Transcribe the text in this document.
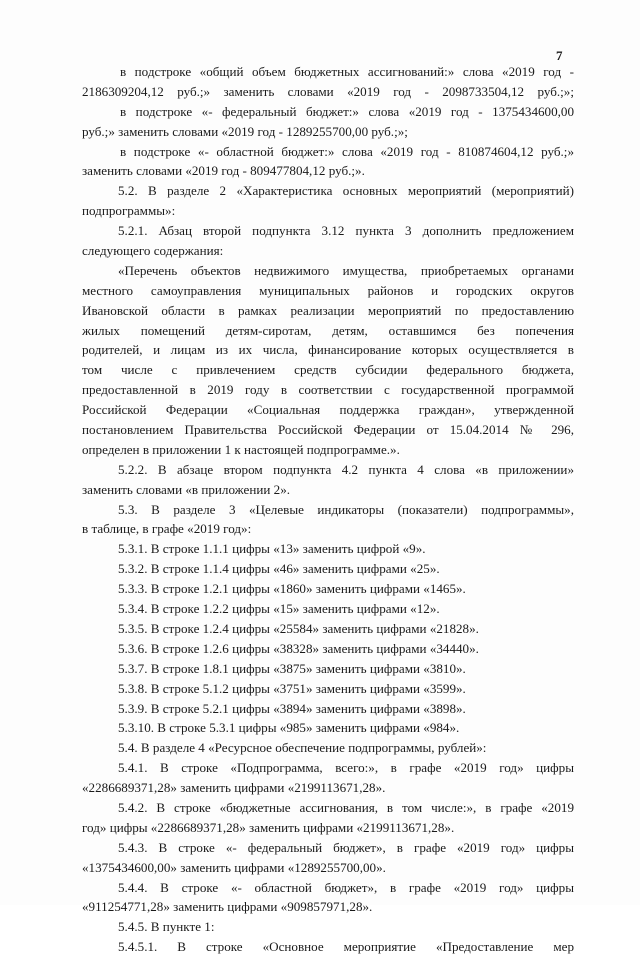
7
в подстроке «общий объем бюджетных ассигнований:» слова «2019 год -
2186309204,12 руб.;» заменить словами «2019 год - 2098733504,12 руб.;»;
в подстроке «- федеральный бюджет:» слова «2019 год - 1375434600,00
руб.;» заменить словами «2019 год - 1289255700,00 руб.;»;
в подстроке «- областной бюджет:» слова «2019 год - 810874604,12 руб.;»
заменить словами «2019 год - 809477804,12 руб.;».
5.2. В разделе 2 «Характеристика основных мероприятий (мероприятий)
подпрограммы»:
5.2.1. Абзац второй подпункта 3.12 пункта 3 дополнить предложением
следующего содержания:
«Перечень объектов недвижимого имущества, приобретаемых органами
местного самоуправления муниципальных районов и городских округов
Ивановской области в рамках реализации мероприятий по предоставлению
жилых помещений детям-сиротам, детям, оставшимся без попечения
родителей, и лицам из их числа, финансирование которых осуществляется в
том числе с привлечением средств субсидии федерального бюджета,
предоставленной в 2019 году в соответствии с государственной программой
Российской Федерации «Социальная поддержка граждан», утвержденной
постановлением Правительства Российской Федерации от 15.04.2014 № 296,
определен в приложении 1 к настоящей подпрограмме.».
5.2.2. В абзаце втором подпункта 4.2 пункта 4 слова «в приложении»
заменить словами «в приложении 2».
5.3. В разделе 3 «Целевые индикаторы (показатели) подпрограммы»,
в таблице, в графе «2019 год»:
5.3.1. В строке 1.1.1 цифры «13» заменить цифрой «9».
5.3.2. В строке 1.1.4 цифры «46» заменить цифрами «25».
5.3.3. В строке 1.2.1 цифры «1860» заменить цифрами «1465».
5.3.4. В строке 1.2.2 цифры «15» заменить цифрами «12».
5.3.5. В строке 1.2.4 цифры «25584» заменить цифрами «21828».
5.3.6. В строке 1.2.6 цифры «38328» заменить цифрами «34440».
5.3.7. В строке 1.8.1 цифры «3875» заменить цифрами «3810».
5.3.8. В строке 5.1.2 цифры «3751» заменить цифрами «3599».
5.3.9. В строке 5.2.1 цифры «3894» заменить цифрами «3898».
5.3.10. В строке 5.3.1 цифры «985» заменить цифрами «984».
5.4. В разделе 4 «Ресурсное обеспечение подпрограммы, рублей»:
5.4.1. В строке «Подпрограмма, всего:», в графе «2019 год» цифры
«2286689371,28» заменить цифрами «2199113671,28».
5.4.2. В строке «бюджетные ассигнования, в том числе:», в графе «2019
год» цифры «2286689371,28» заменить цифрами «2199113671,28».
5.4.3. В строке «- федеральный бюджет», в графе «2019 год» цифры
«1375434600,00» заменить цифрами «1289255700,00».
5.4.4. В строке «- областной бюджет», в графе «2019 год» цифры
«911254771,28» заменить цифрами «909857971,28».
5.4.5. В пункте 1:
5.4.5.1. В строке «Основное мероприятие «Предоставление мер
